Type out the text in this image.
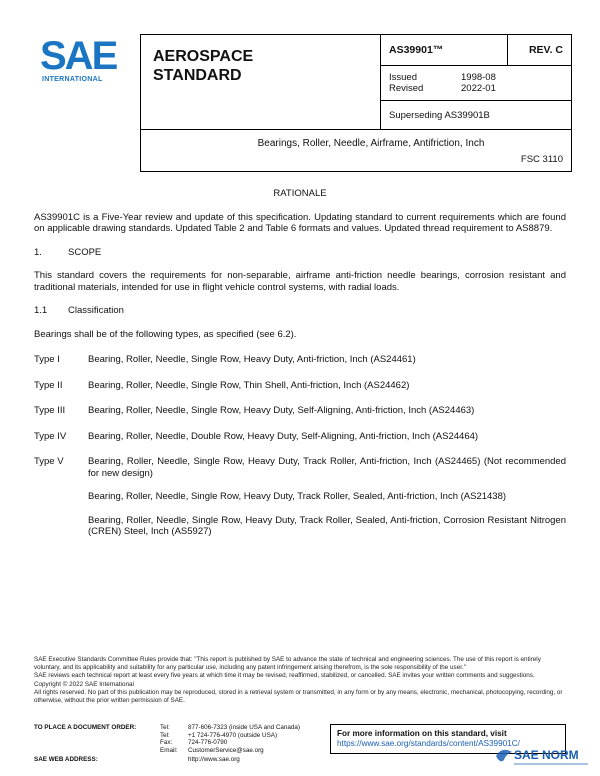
SAE
INTERNATIONAL
AEROSPACE
STANDARD
AS39901™	REV. C
Issued	1998-08
Revised	2022-01
Superseding AS39901B
Bearings, Roller, Needle, Airframe, Antifriction, Inch
FSC 3110
RATIONALE

AS39901C is a Five-Year review and update of this specification. Updating standard to current requirements which are found on applicable drawing standards. Updated Table 2 and Table 6 formats and values. Updated thread requirement to AS8879.

1.	SCOPE

This standard covers the requirements for non-separable, airframe anti-friction needle bearings, corrosion resistant and traditional materials, intended for use in flight vehicle control systems, with radial loads.

1.1	Classification

Bearings shall be of the following types, as specified (see 6.2).

Type I	Bearing, Roller, Needle, Single Row, Heavy Duty, Anti-friction, Inch (AS24461)
Type II	Bearing, Roller, Needle, Single Row, Thin Shell, Anti-friction, Inch (AS24462)
Type III	Bearing, Roller, Needle, Single Row, Heavy Duty, Self-Aligning, Anti-friction, Inch (AS24463)
Type IV	Bearing, Roller, Needle, Double Row, Heavy Duty, Self-Aligning, Anti-friction, Inch (AS24464)
Type V	Bearing, Roller, Needle, Single Row, Heavy Duty, Track Roller, Anti-friction, Inch (AS24465) (Not recommended for new design)

Bearing, Roller, Needle, Single Row, Heavy Duty, Track Roller, Sealed, Anti-friction, Inch (AS21438)

Bearing, Roller, Needle, Single Row, Heavy Duty, Track Roller, Sealed, Anti-friction, Corrosion Resistant Nitrogen (CREN) Steel, Inch (AS5927)

SAE Executive Standards Committee Rules provide that: "This report is published by SAE to advance the state of technical and engineering sciences. The use of this report is entirely voluntary, and its applicability and suitability for any particular use, including any patent infringement arising therefrom, is the sole responsibility of the user."

SAE reviews each technical report at least every five years at which time it may be revised, reaffirmed, stabilized, or cancelled. SAE invites your written comments and suggestions.

Copyright © 2022 SAE International

All rights reserved. No part of this publication may be reproduced, stored in a retrieval system or transmitted, in any form or by any means, electronic, mechanical, photocopying, recording, or otherwise, without the prior written permission of SAE.

TO PLACE A DOCUMENT ORDER:	Tel:	877-606-7323 (inside USA and Canada)
Tel:	+1 724-776-4970 (outside USA)
Fax:	724-776-0790
Email: CustomerService@sae.org
SAE WEB ADDRESS:	http://www.sae.org
For more information on this standard, visit
https://www.sae.org/standards/content/AS39901C/
SAE NORM
